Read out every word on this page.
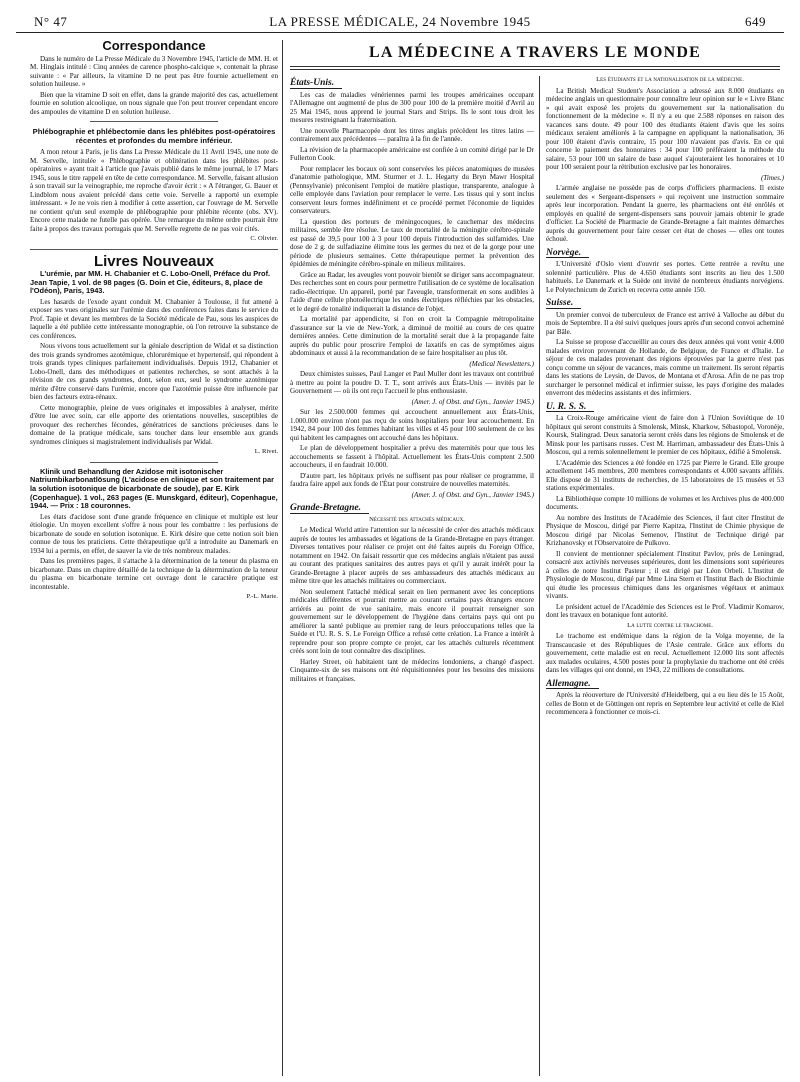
N° 47	LA PRESSE MÉDICALE, 24 Novembre 1945	649
Correspondance

Dans le numéro de La Presse Médicale du 3 Novembre 1945, l'article de MM. H. et M. Hinglais intitulé : Cinq années de carence phospho-calcique », contenait la phrase suivante : « Par ailleurs, la vitamine D ne peut pas être fournie actuellement en solution huileuse. »

Bien que la vitamine D soit en effet, dans la grande majorité des cas, actuellement fournie en solution alcoolique, on nous signale que l'on peut trouver cependant encore des ampoules de vitamine D en solution huileuse.

Phlébographie et phlébectomie dans les phlébites post-opératoires récentes et profondes du membre inférieur.

A mon retour à Paris, je lis dans La Presse Médicale du 11 Avril 1945, une note de M. Servelle, intitulée « Phlébographie et oblitération dans les phlébites post-opératoires » ayant trait à l'article que j'avais publié dans le même journal, le 17 Mars 1945, sous le titre rappelé en tête de cette correspondance. M. Servelle, faisant allusion à son travail sur la veinographie, me reproche d'avoir écrit : « A l'étranger, G. Bauer et Lindblom nous avaient précédé dans cette voie. Servelle a rapporté un exemple intéressant. » Je ne vois rien à modifier à cette assertion, car l'ouvrage de M. Servelle ne contient qu'un seul exemple de phlébographie pour phlébite récente (obs. XV). Encore cette malade ne futelle pas opérée. Une remarque du même ordre pourrait être faite à propos des travaux portugais que M. Servelle regrette de ne pas voir cités.

C. Olivier.

Livres Nouveaux

L'urémie, par MM. H. Chabanier et C. Lobo-Onell, Préface du Prof. Jean Tapie, 1 vol. de 98 pages (G. Doin et Cie, éditeurs, 8, place de l'Odéon), Paris, 1943.

Les hasards de l'exode ayant conduit M. Chabanier à Toulouse, il fut amené à exposer ses vues originales sur l'urémie dans des conférences faites dans le service du Prof. Tapie et devant les membres de la Société médicale de Pau, sous les auspices de laquelle a été publiée cette intéressante monographie, où l'on retrouve la substance de ces conférences.

Nous vivons tous actuellement sur la géniale description de Widal et sa distinction des trois grands syndromes azotémique, chlorurémique et hypertensif, qui répondent à trois grands types cliniques parfaitement individualisés. Depuis 1912, Chabanier et Lobo-Onell, dans des méthodiques et patientes recherches, se sont attachés à la révision de ces grands syndromes, dont, selon eux, seul le syndrome azotémique mérite d'être conservé dans l'urémie, encore que l'azotémie puisse être influencée par bien des facteurs extra-rénaux.

Cette monographie, pleine de vues originales et impossibles à analyser, mérite d'être lue avec soin, car elle apporte des orientations nouvelles, susceptibles de provoquer des recherches fécondes, génératrices de sanctions précieuses dans le domaine de la pratique médicale, sans toucher dans leur ensemble aux grands syndromes cliniques si magistralement individualisés par Widal.

L. Rivet.

Klinik und Behandlung der Azidose mit isotonischer Natriumbikarbonatlösung (L'acidose en clinique et son traitement par la solution isotonique de bicarbonate de soude), par E. Kirk (Copenhague). 1 vol., 263 pages (E. Munskgard, éditeur), Copenhague, 1944. — Prix : 18 couronnes.

Les états d'acidose sont d'une grande fréquence en clinique et multiple est leur étiologie. Un moyen excellent s'offre à nous pour les combattre : les perfusions de bicarbonate de soude en solution isotonique. E. Kirk désire que cette notion soit bien connue de tous les praticiens. Cette thérapeutique qu'il a introduite au Danemark en 1934 lui a permis, en effet, de sauver la vie de très nombreux malades.

Dans les premières pages, il s'attache à la détermination de la teneur du plasma en bicarbonate. Dans un chapitre détaillé de la technique de la détermination de la teneur du plasma en bicarbonate termine cet ouvrage dont le caractère pratique est incontestable.

P.-L. Marie.

LA MÉDECINE A TRAVERS LE MONDE
États-Unis.

Les cas de maladies vénériennes parmi les troupes américaines occupant l'Allemagne ont augmenté de plus de 300 pour 100 de la première moitié d'Avril au 25 Mai 1945, nous apprend le journal Stars and Strips. Ils le sont tous droit les mesures restreignant la fraternisation.

Une nouvelle Pharmacopée dont les titres anglais précèdent les titres latins — contrairement aux précédentes — paraîtra à la fin de l'année.

La révision de la pharmacopée américaine est confiée à un comité dirigé par le Dr Fullerton Cook.

Pour remplacer les bocaux où sont conservées les pièces anatomiques de musées d'anatomie pathologique, MM. Sturmer et J. L. Hegarty du Bryn Mawr Hospital (Pennsylvanie) préconisent l'emploi de matière plastique, transparente, analogue à celle employée dans l'aviation pour remplacer le verre. Les tissus qui y sont inclus conservent leurs formes indéfiniment et ce procédé permet l'économie de liquides conservateurs.

La question des porteurs de méningocoques, le cauchemar des médecins militaires, semble être résolue. Le taux de mortalité de la méningite cérébro-spinale est passé de 39,5 pour 100 à 3 pour 100 depuis l'introduction des sulfamides. Une dose de 2 g. de sulfadiazine élimine tous les germes du nez et de la gorge pour une période de plusieurs semaines. Cette thérapeutique permet la prévention des épidémies de méningite cérébro-spinale en milieux militaires.

Grâce au Radar, les aveugles vont pouvoir bientôt se diriger sans accompagnateur. Des recherches sont en cours pour permettre l'utilisation de ce système de localisation radio-électrique. Un appareil, porté par l'aveugle, transformerait en sons audibles à l'aide d'une cellule photoélectrique les ondes électriques réfléchies par les obstacles, et le degré de tonalité indiquerait la distance de l'objet.

La mortalité par appendicite, si l'on en croit la Compagnie métropolitaine d'assurance sur la vie de New-York, a diminué de moitié au cours de ces quatre dernières années. Cette diminution de la mortalité serait due à la propagande faite auprès du public pour proscrire l'emploi de laxatifs en cas de symptômes aigus abdominaux et aussi à la recommandation de se faire hospitaliser au plus tôt.

(Medical Newsletters.)

Deux chimistes suisses, Paul Langer et Paul Muller dont les travaux ont contribué à mettre au point la poudre D. T. T., sont arrivés aux États-Unis — invités par le Gouvernement — où ils ont reçu l'accueil le plus enthousiaste.

(Amer. J. of Obst. and Gyn., Janvier 1945.)

Sur les 2.500.000 femmes qui accouchent annuellement aux États-Unis, 1.000.000 environ n'ont pas reçu de soins hospitaliers pour leur accouchement. En 1942, 84 pour 100 des femmes habitant les villes et 45 pour 100 seulement de ce les qui habitent les campagnes ont accouché dans les hôpitaux.

Le plan de développement hospitalier a prévu des maternités pour que tous les accouchements se fassent à l'hôpital. Actuellement les États-Unis comptent 2.500 accoucheurs, il en faudrait 10.000.

D'autre part, les hôpitaux privés ne suffisent pas pour réaliser ce programme, il faudra faire appel aux fonds de l'État pour construire de nouvelles maternités.

(Amer. J. of Obst. and Gyn., Janvier 1945.)

Grande-Bretagne.

Nécessité des attachés médicaux.

Le Medical World attire l'attention sur la nécessité de créer des attachés médicaux auprès de toutes les ambassades et légations de la Grande-Bretagne en pays étranger. Diverses tentatives pour réaliser ce projet ont été faites auprès du Foreign Office, notamment en 1942. On faisait ressortir que ces médecins anglais n'étaient pas aussi au courant des pratiques sanitaires des autres pays et qu'il y aurait intérêt pour la Grande-Bretagne à placer auprès de ses ambassadeurs des attachés médicaux au même titre que les attachés militaires ou commerciaux.

Non seulement l'attaché médical serait en lien permanent avec les conceptions médicales différentes et pourrait mettre au courant certains pays étrangers encore arriérés au point de vue sanitaire, mais encore il pourrait renseigner son gouvernement sur le développement de l'hygiène dans certains pays qui ont pu améliorer la santé publique au premier rang de leurs préoccupations telles que la Suède et l'U. R. S. S. Le Foreign Office a refusé cette création. La France a intérêt à reprendre pour son propre compte ce projet, car les attachés culturels récemment créés sont loin de tout connaître des disciplines.

Harley Street, où habitaient tant de médecins londoniens, a changé d'aspect. Cinquante-six de ses maisons ont été réquisitionnées pour les besoins des missions militaires et françaises.

Les étudiants et la nationalisation de la médecine.

La British Medical Student's Association a adressé aux 8.000 étudiants en médecine anglais un questionnaire pour connaître leur opinion sur le « Livre Blanc » qui avait exposé les projets du gouvernement sur la nationalisation du fonctionnement de la médecine ». Il n'y a eu que 2.588 réponses en raison des vacances sans doute. 49 pour 100 des étudiants étaient d'avis que les soins médicaux seraient améliorés à la campagne en appliquant la nationalisation, 36 pour 100 étaient d'avis contraire, 15 pour 100 n'avaient pas d'avis. En ce qui concerne le paiement des honoraires : 34 pour 100 préféraient la méthode du salaire, 53 pour 100 un salaire de base auquel s'ajouteraient les honoraires et 10 pour 100 seraient pour la rétribution exclusive par les honoraires.

(Times.)

L'armée anglaise ne possède pas de corps d'officiers pharmaciens. Il existe seulement des « Sergeant-dispensers » qui reçoivent une instruction sommaire après leur incorporation. Pendant la guerre, les pharmaciens ont été enrôlés et employés en qualité de sergent-dispensers sans pouvoir jamais obtenir le grade d'officier. La Société de Pharmacie de Grande-Bretagne a fait maintes démarches auprès du gouvernement pour faire cesser cet état de choses — elles ont toutes échoué.

Norvège.

L'Université d'Oslo vient d'ouvrir ses portes. Cette rentrée a revêtu une solennité particulière. Plus de 4.650 étudiants sont inscrits au lieu des 1.500 habituels. Le Danemark et la Suède ont invité de nombreux étudiants norvégiens. Le Polytechnicum de Zurich en recevra cette année 150.

Suisse.

Un premier convoi de tuberculeux de France est arrivé à Valloche au début du mois de Septembre. Il a été suivi quelques jours après d'un second convoi acheminé par Bâle.

La Suisse se propose d'accueillir au cours des deux années qui vont venir 4.000 malades environ provenant de Hollande, de Belgique, de France et d'Italie. Le séjour de ces malades provenant des régions éprouvées par la guerre n'est pas conçu comme un séjour de vacances, mais comme un traitement. Ils seront répartis dans les stations de Leysin, de Davos, de Montana et d'Arosa. Afin de ne pas trop surcharger le personnel médical et infirmier suisse, les pays d'origine des malades enverront des médecins assistants et des infirmiers.

U. R. S. S.

La Croix-Rouge américaine vient de faire don à l'Union Soviétique de 10 hôpitaux qui seront construits à Smolensk, Minsk, Kharkow, Sébastopol, Voronèje, Koursk, Stalingrad. Deux sanatoria seront créés dans les régions de Smolensk et de Minsk pour les partisans russes. C'est M. Harriman, ambassadeur des États-Unis à Moscou, qui a remis solennellement le premier de ces hôpitaux, édifié à Smolensk.

L'Académie des Sciences a été fondée en 1725 par Pierre le Grand. Elle groupe actuellement 145 membres, 200 membres correspondants et 4.000 savants affiliés. Elle dispose de 31 instituts de recherches, de 15 laboratoires de 15 musées et 53 stations expérimentales.

La Bibliothèque compte 10 millions de volumes et les Archives plus de 400.000 documents.

Au nombre des Instituts de l'Académie des Sciences, il faut citer l'Institut de Physique de Moscou, dirigé par Pierre Kapitza, l'Institut de Chimie physique de Moscou dirigé par Nicolas Semenov, l'Institut de Technique dirigé par Krizhanovsky et l'Observatoire de Pulkovo.

Il convient de mentionner spécialement l'Institut Pavlov, près de Leningrad, consacré aux activités nerveuses supérieures, dont les dimensions sont supérieures à celles de notre Institut Pasteur ; il est dirigé par Léon Orbeli. L'Institut de Physiologie de Moscou, dirigé par Mme Lina Stern et l'Institut Bach de Biochimie qui étudie les processus chimiques dans les organismes végétaux et animaux vivants.

Le président actuel de l'Académie des Sciences est le Prof. Vladimir Komarov, dont les travaux en botanique font autorité.

La lutte contre le trachome.

Le trachome est endémique dans la région de la Volga moyenne, de la Transcaucasie et des Républiques de l'Asie centrale. Grâce aux efforts du gouvernement, cette maladie est en recul. Actuellement 12.000 lits sont affectés aux malades oculaires, 4.500 postes pour la prophylaxie du trachome ont été créés dans les villages qui ont donné, en 1943, 22 millions de consultations.

Allemagne.

Après la réouverture de l'Université d'Heidelberg, qui a eu lieu dès le 15 Août, celles de Bonn et de Göttingen ont repris en Septembre leur activité et celle de Kiel recommencera à fonctionner ce mois-ci.
